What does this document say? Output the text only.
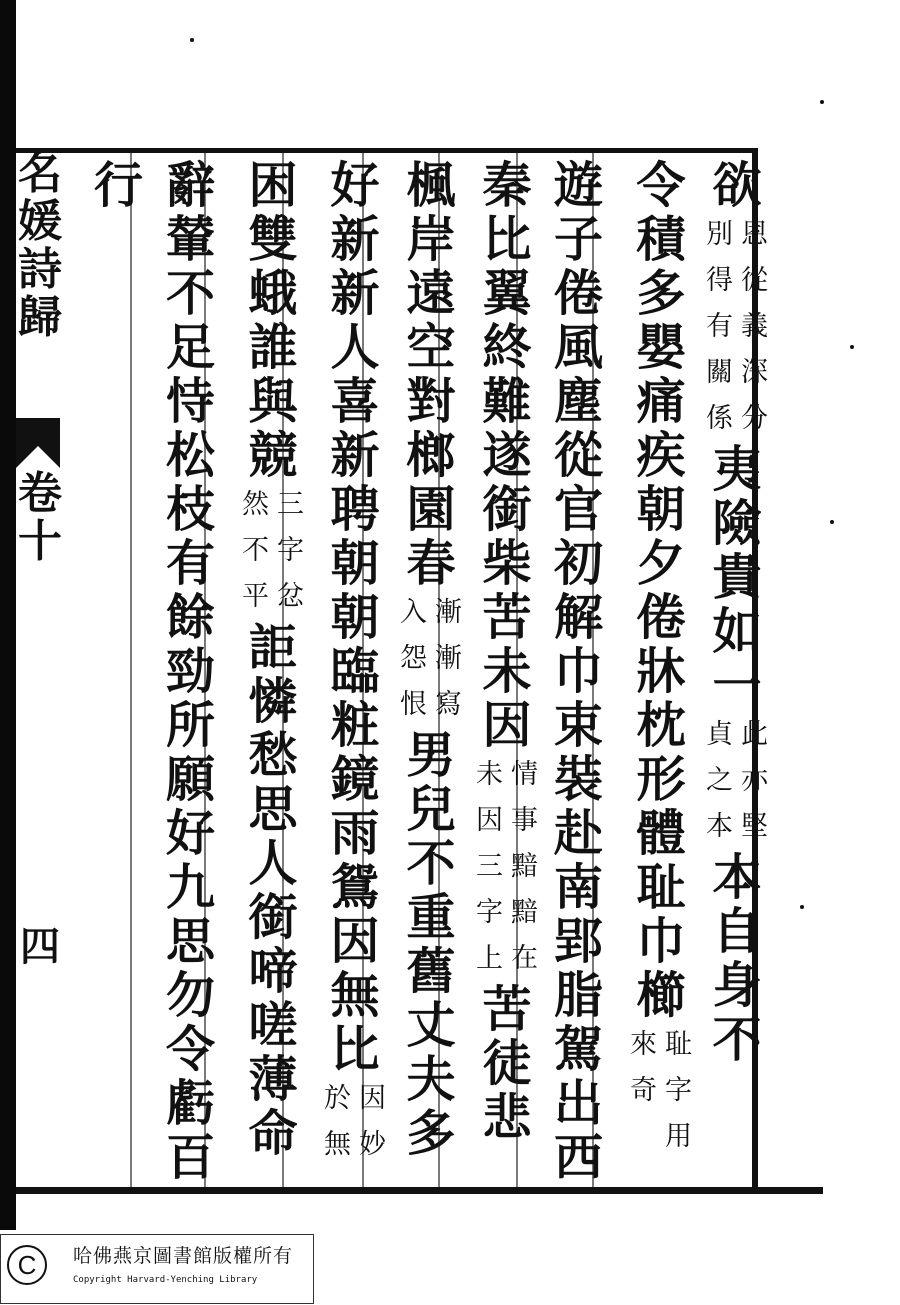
名
媛
詩
歸
卷
十
四
欲
恩
從
義
深
分
別
得
有
關
係
夷
險
貴
如
一
此
亦
堅
貞
之
本
本
自
身
不
令
積
多
嬰
痛
疾
朝
夕
倦
牀
枕
形
體
耻
巾
櫛
耻
字
用
來
奇
遊
子
倦
風
塵
從
官
初
解
巾
束
裝
赴
南
郢
脂
駕
出
西
秦
比
翼
終
難
遂
銜
柴
苦
未
因
情
事
黯
黯
在
未
因
三
字
上
苦
徒
悲
楓
岸
遠
空
對
榔
園
春
漸
漸
寫
入
怨
恨
男
兒
不
重
舊
丈
夫
多
好
新
新
人
喜
新
聘
朝
朝
臨
粧
鏡
雨
鴛
因
無
比
因
妙
於
無
困
雙
蛾
誰
與
競
三
字
忿
然
不
平
詎
憐
愁
思
人
銜
啼
嗟
薄
命
辭
輦
不
足
恃
松
枝
有
餘
勁
所
願
好
九
思
勿
令
虧
百
行
C	哈佛燕京圖書館版權所有
Copyright Harvard-Yenching Library
